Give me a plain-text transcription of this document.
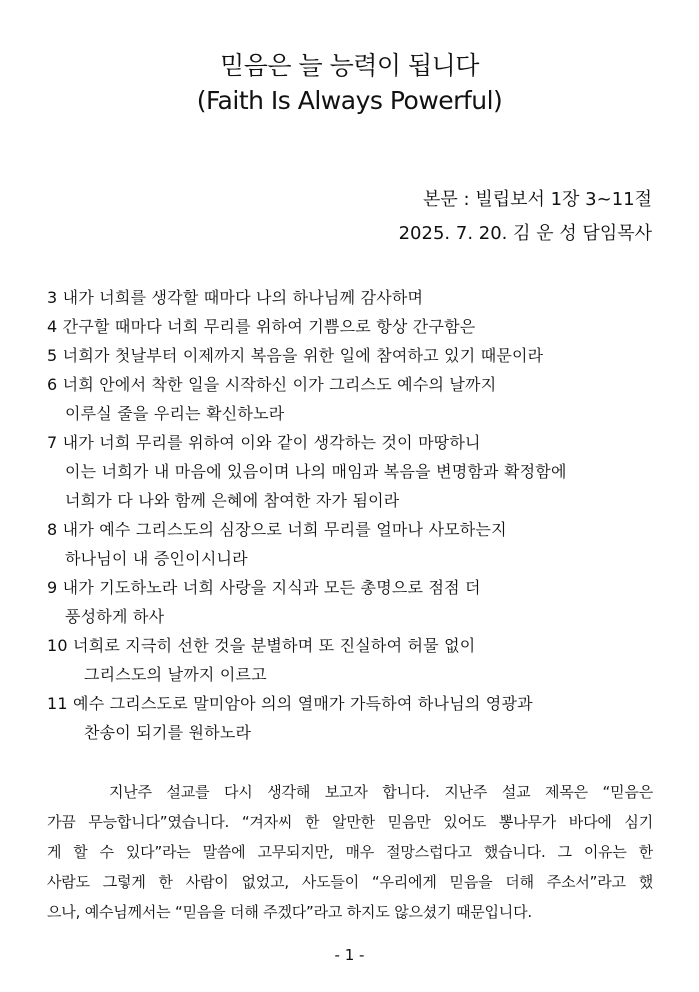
믿음은 늘 능력이 됩니다
(Faith Is Always Powerful)
본문 : 빌립보서 1장 3~11절
2025. 7. 20. 김 운 성 담임목사
3 내가 너희를 생각할 때마다 나의 하나님께 감사하며
4 간구할 때마다 너희 무리를 위하여 기쁨으로 항상 간구함은
5 너희가 첫날부터 이제까지 복음을 위한 일에 참여하고 있기 때문이라
6 너희 안에서 착한 일을 시작하신 이가 그리스도 예수의 날까지
이루실 줄을 우리는 확신하노라
7 내가 너희 무리를 위하여 이와 같이 생각하는 것이 마땅하니
이는 너희가 내 마음에 있음이며 나의 매임과 복음을 변명함과 확정함에
너희가 다 나와 함께 은혜에 참여한 자가 됨이라
8 내가 예수 그리스도의 심장으로 너희 무리를 얼마나 사모하는지
하나님이 내 증인이시니라
9 내가 기도하노라 너희 사랑을 지식과 모든 총명으로 점점 더
풍성하게 하사
10 너희로 지극히 선한 것을 분별하며 또 진실하여 허물 없이
그리스도의 날까지 이르고
11 예수 그리스도로 말미암아 의의 열매가 가득하여 하나님의 영광과
찬송이 되기를 원하노라
지난주 설교를 다시 생각해 보고자 합니다. 지난주 설교 제목은 “믿음은
가끔 무능합니다”였습니다. “겨자씨 한 알만한 믿음만 있어도 뽕나무가 바다에 심기
게 할 수 있다”라는 말씀에 고무되지만, 매우 절망스럽다고 했습니다. 그 이유는 한
사람도 그렇게 한 사람이 없었고, 사도들이 “우리에게 믿음을 더해 주소서”라고 했
으나, 예수님께서는 “믿음을 더해 주겠다”라고 하지도 않으셨기 때문입니다.
- 1 -
